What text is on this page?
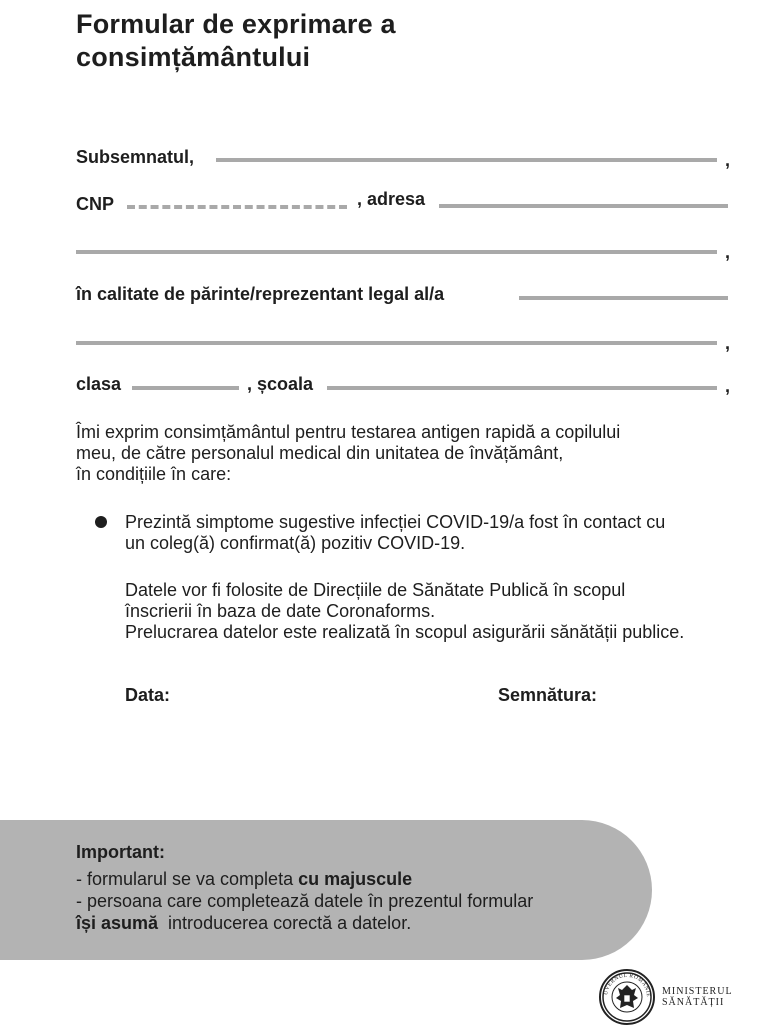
Formular de exprimare a
consimțământului
Subsemnatul,	,
CNP	, adresa
,
în calitate de părinte/reprezentant legal al/a
,
clasa	, școala	,
Îmi exprim consimțământul pentru testarea antigen rapidă a copilului
meu, de către personalul medical din unitatea de învățământ,
în condițiile în care:
Prezintă simptome sugestive infecției COVID-19/a fost în contact cu
un coleg(ă) confirmat(ă) pozitiv COVID-19.
Datele vor fi folosite de Direcțiile de Sănătate Publică în scopul
înscrierii în baza de date Coronaforms.
Prelucrarea datelor este realizată în scopul asigurării sănătății publice.
Data:	Semnătura:
Important:
- formularul se va completa cu majuscule
- persoana care completează datele în prezentul formular
își asumă  introducerea corectă a datelor.
UVERNUL ROMÂNIE MINISTERUL
SĂNĂTĂȚII
